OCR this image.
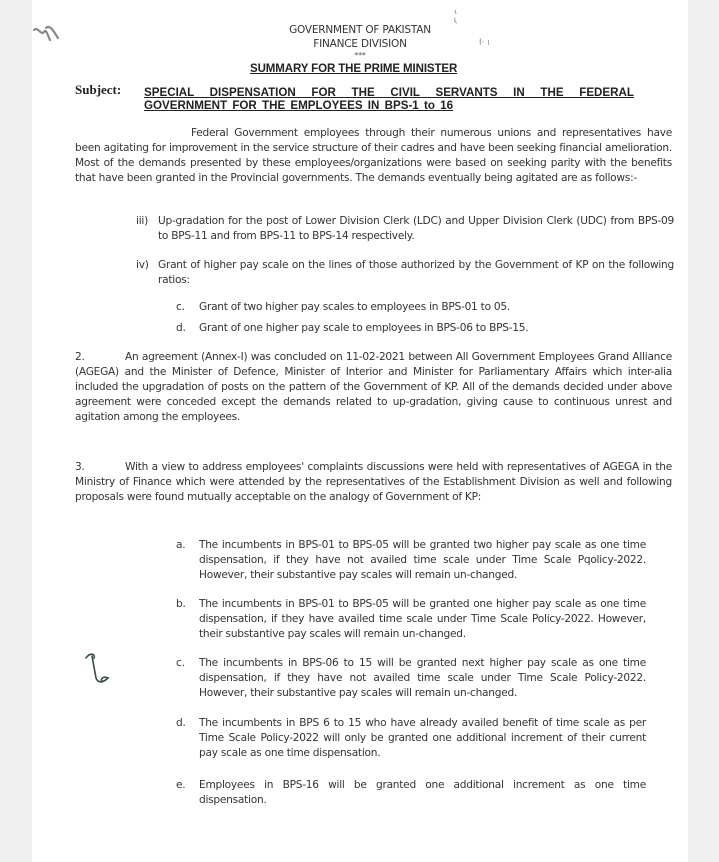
ł· ı
GOVERNMENT OF PAKISTAN
FINANCE DIVISION
***
SUMMARY FOR THE PRIME MINISTER
Subject: SPECIAL DISPENSATION FOR THE CIVIL SERVANTS IN THE FEDERAL GOVERNMENT FOR THE EMPLOYEES IN BPS-1 to 16
Federal Government employees through their numerous unions and representatives have been agitating for improvement in the service structure of their cadres and have been seeking financial amelioration. Most of the demands presented by these employees/organizations were based on seeking parity with the benefits that have been granted in the Provincial governments. The demands eventually being agitated are as follows:-
iii) Up-gradation for the post of Lower Division Clerk (LDC) and Upper Division Clerk (UDC) from BPS-09 to BPS-11 and from BPS-11 to BPS-14 respectively.
iv) Grant of higher pay scale on the lines of those authorized by the Government of KP on the following ratios:
c. Grant of two higher pay scales to employees in BPS-01 to 05.
d. Grant of one higher pay scale to employees in BPS-06 to BPS-15.
2.	An agreement (Annex-I) was concluded on 11-02-2021 between All Government Employees Grand Alliance (AGEGA) and the Minister of Defence, Minister of Interior and Minister for Parliamentary Affairs which inter-alia included the upgradation of posts on the pattern of the Government of KP. All of the demands decided under above agreement were conceded except the demands related to up-gradation, giving cause to continuous unrest and agitation among the employees.
3.	With a view to address employees' complaints discussions were held with representatives of AGEGA in the Ministry of Finance which were attended by the representatives of the Establishment Division as well and following proposals were found mutually acceptable on the analogy of Government of KP:
a. The incumbents in BPS-01 to BPS-05 will be granted two higher pay scale as one time dispensation, if they have not availed time scale under Time Scale Pqolicy-2022. However, their substantive pay scales will remain un-changed.
b. The incumbents in BPS-01 to BPS-05 will be granted one higher pay scale as one time dispensation, if they have availed time scale under Time Scale Policy-2022. However, their substantive pay scales will remain un-changed.
c. The incumbents in BPS-06 to 15 will be granted next higher pay scale as one time dispensation, if they have not availed time scale under Time Scale Policy-2022. However, their substantive pay scales will remain un-changed.
d. The incumbents in BPS 6 to 15 who have already availed benefit of time scale as per Time Scale Policy-2022 will only be granted one additional increment of their current pay scale as one time dispensation.
e. Employees in BPS-16 will be granted one additional increment as one time dispensation.
